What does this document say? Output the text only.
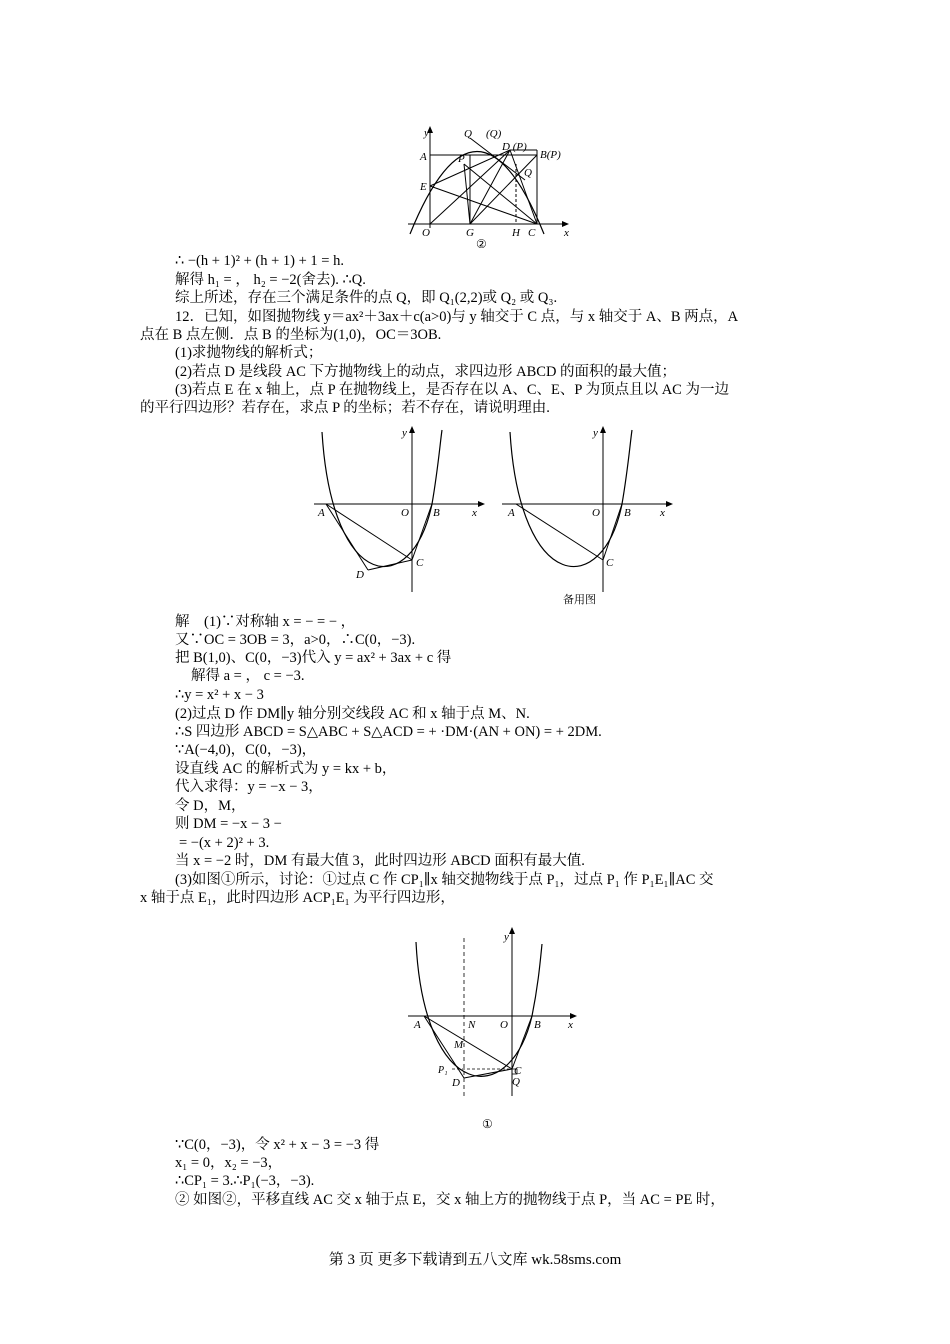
y
x
O	G	H C
A
E
P
Q (Q)
D (P)
B(P)
Q
②
∴ −(h + 1)² + (h + 1) + 1 = h.
解得 h₁ = ， h₂ = −2(舍去). ∴Q.
综上所述，存在三个满足条件的点 Q，即 Q₁(2,2)或 Q₂ 或 Q₃.
12．已知，如图抛物线 y＝ax²＋3ax＋c(a>0)与 y 轴交于 C 点，与 x 轴交于 A、B 两点，A
点在 B 点左侧．点 B 的坐标为(1,0)，OC＝3OB.
(1)求抛物线的解析式；
(2)若点 D 是线段 AC 下方抛物线上的动点，求四边形 ABCD 的面积的最大值；
(3)若点 E 在 x 轴上，点 P 在抛物线上，是否存在以 A、C、E、P 为顶点且以 AC 为一边
的平行四边形？若存在，求点 P 的坐标；若不存在，请说明理由.
y
x
O
A	B
C
D
y
x
O
A	B
C
备用图
解　(1)∵对称轴 x = − = − ，
又∵OC = 3OB = 3，a>0，∴C(0，−3).
把 B(1,0)、C(0，−3)代入 y = ax² + 3ax + c 得
解得 a = ， c = −3.
∴y = x² + x − 3
(2)过点 D 作 DM∥y 轴分别交线段 AC 和 x 轴于点 M、N.
∴S 四边形 ABCD = S△ABC + S△ACD = + ·DM·(AN + ON) = + 2DM.
∵A(−4,0)，C(0，−3)，
设直线 AC 的解析式为 y = kx + b，
代入求得：y = −x − 3，
令 D，M，
则 DM = −x − 3 −
= −(x + 2)² + 3.
当 x = −2 时，DM 有最大值 3，此时四边形 ABCD 面积有最大值.
(3)如图①所示，讨论：①过点 C 作 CP₁∥x 轴交抛物线于点 P₁，过点 P₁ 作 P₁E₁∥AC 交
x 轴于点 E₁，此时四边形 ACP₁E₁ 为平行四边形，
y
x
O
A	B
N
M
P₁
D
C
Q
①
∵C(0，−3)，令 x² + x − 3 = −3 得
x₁ = 0，x₂ = −3，
∴CP₁ = 3.∴P₁(−3，−3).
② 如图②，平移直线 AC 交 x 轴于点 E，交 x 轴上方的抛物线于点 P，当 AC = PE 时，
第 3 页 更多下载请到五八文库 wk.58sms.com
